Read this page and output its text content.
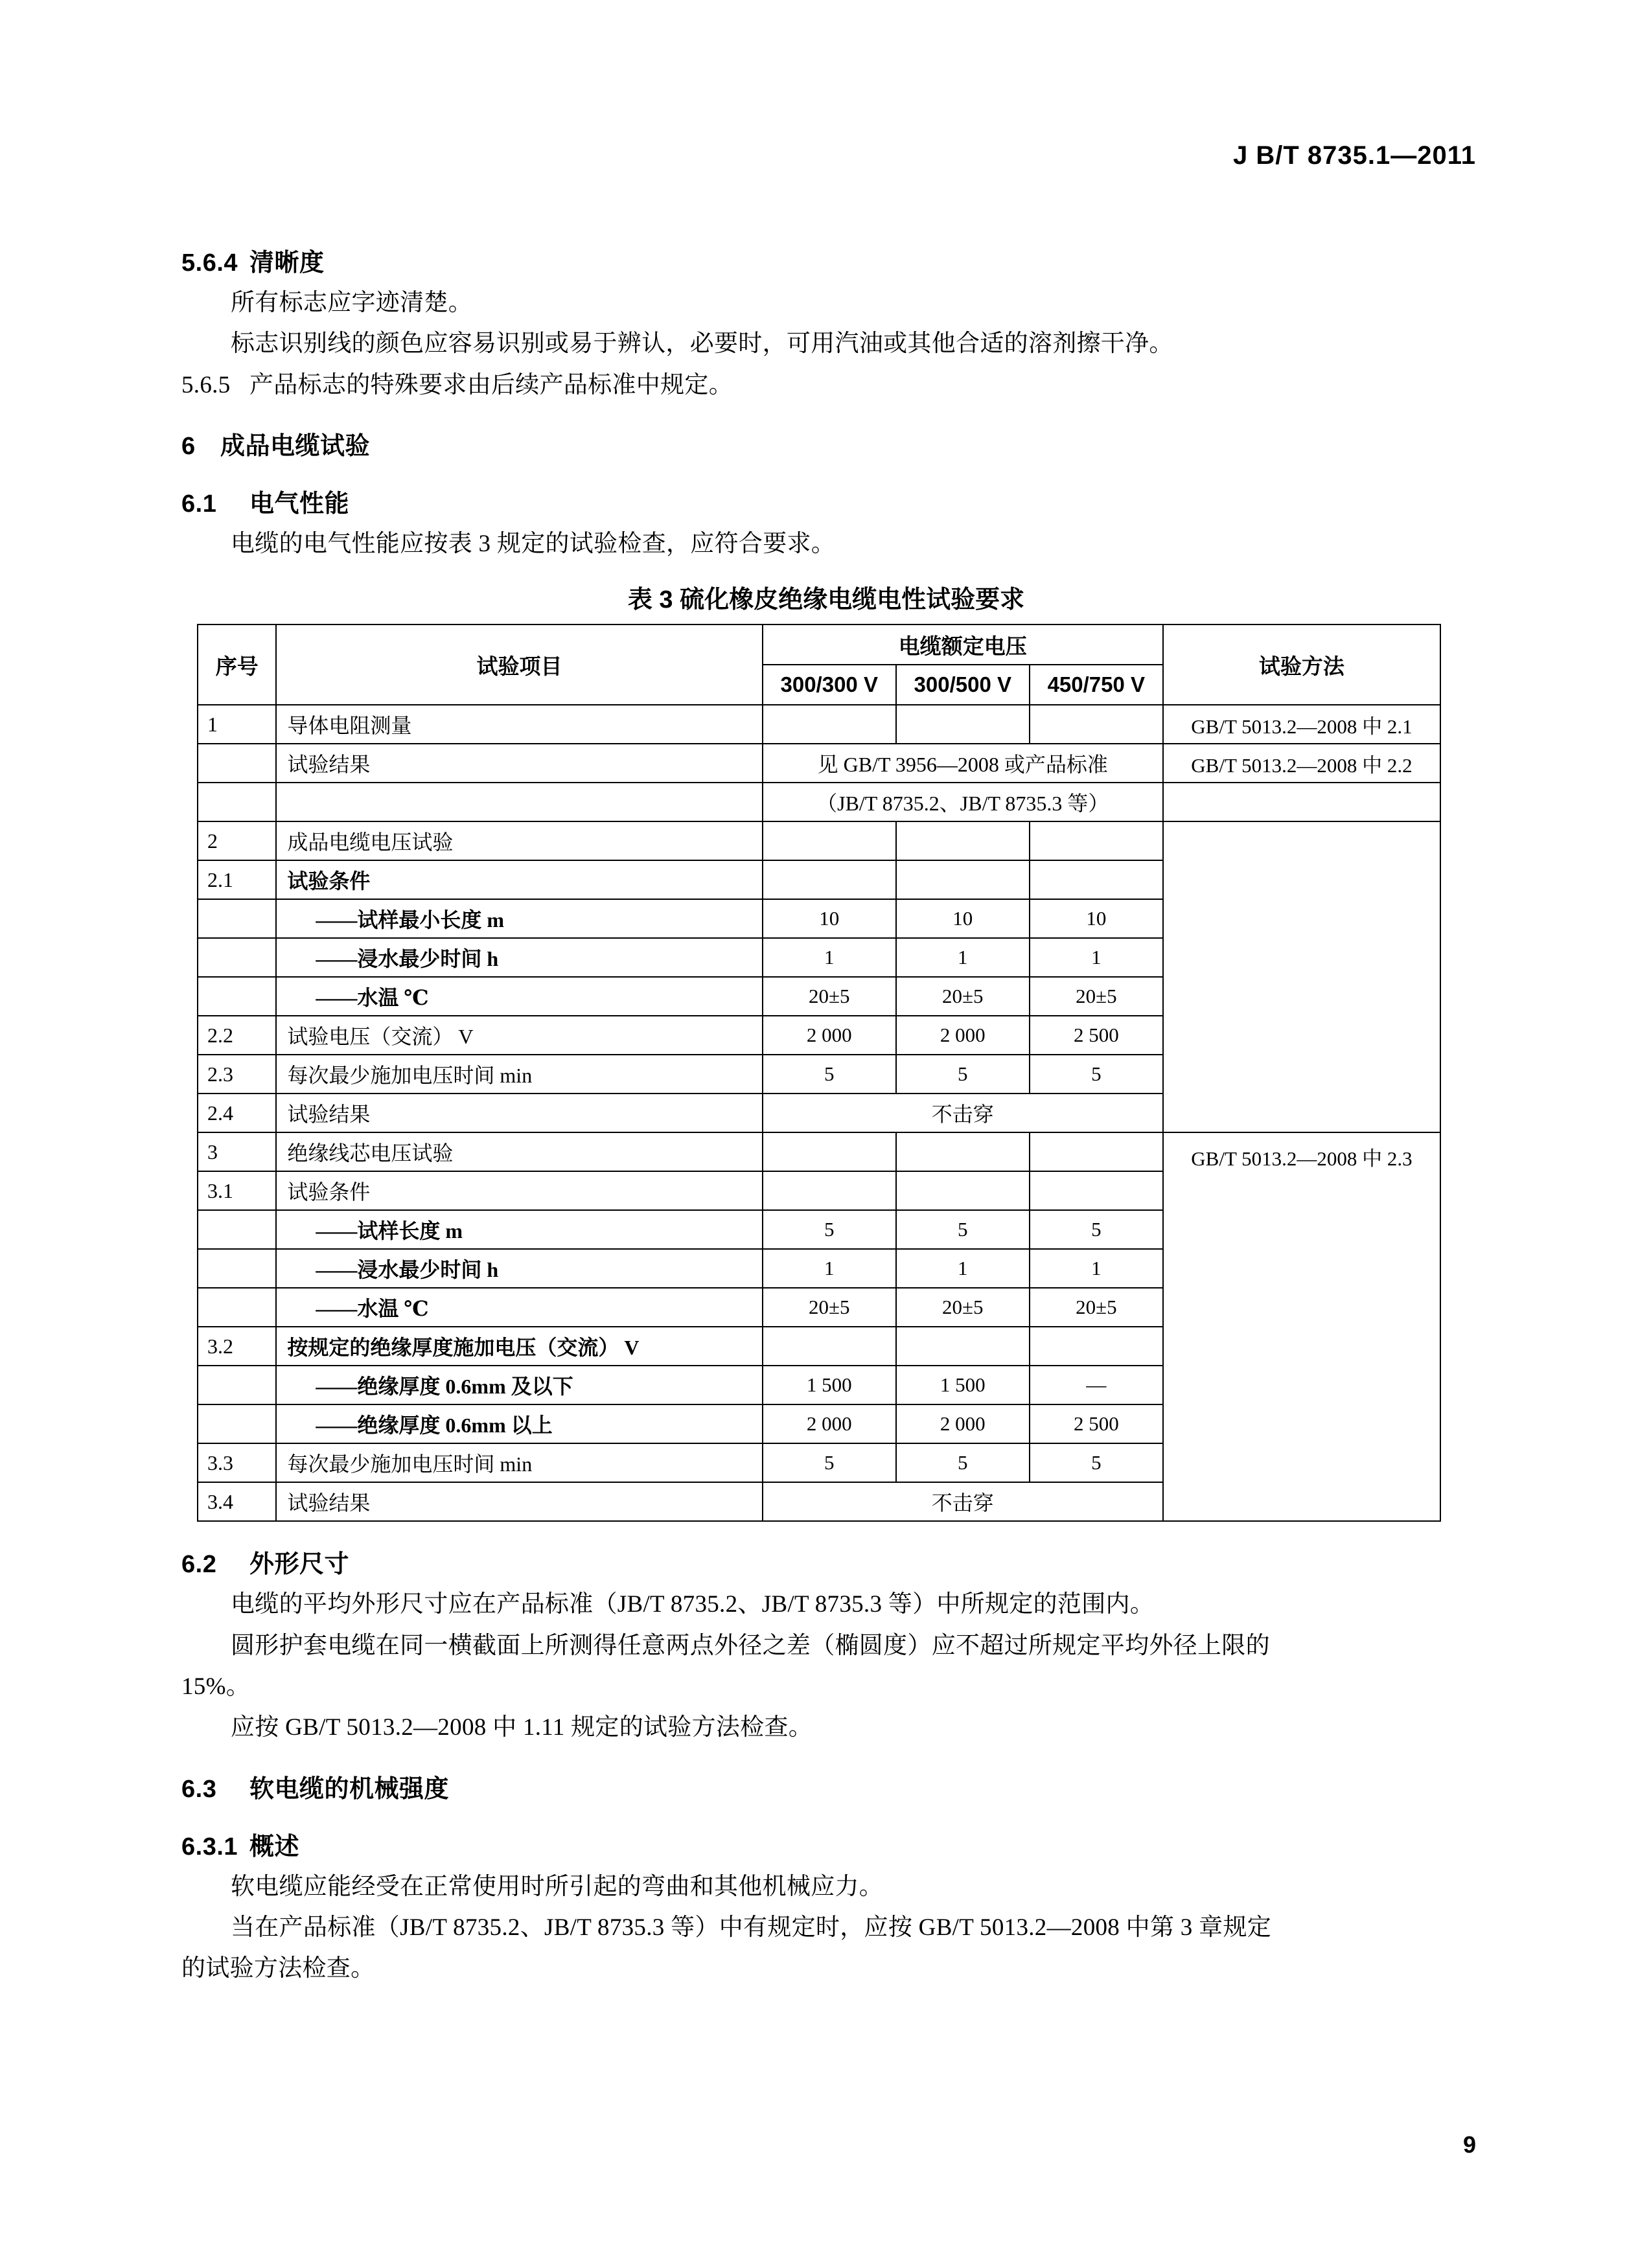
J B/T 8735.1—2011
5.6.4 清晰度
所有标志应字迹清楚。
标志识别线的颜色应容易识别或易于辨认，必要时，可用汽油或其他合适的溶剂擦干净。
5.6.5 产品标志的特殊要求由后续产品标准中规定。
6 成品电缆试验
6.1 电气性能
电缆的电气性能应按表 3 规定的试验检查，应符合要求。
表 3 硫化橡皮绝缘电缆电性试验要求
序号	试验项目	电缆额定电压			试验方法
		300/300 V	300/500 V	450/750 V	
1	导体电阻测量				GB/T 5013.2—2008 中 2.1
	试验结果	见 GB/T 3956—2008 或产品标准			GB/T 5013.2—2008 中 2.2
		（JB/T 8735.2、JB/T 8735.3 等）			
2	成品电缆电压试验				
2.1	试验条件				
	——试样最小长度 m	10	10	10	
	——浸水最少时间 h	1	1	1	
	——水温 ℃	20±5	20±5	20±5	
2.2	试验电压（交流） V	2 000	2 000	2 500	
2.3	每次最少施加电压时间 min	5	5	5	
2.4	试验结果	不击穿			
3	绝缘线芯电压试验				GB/T 5013.2—2008 中 2.3
3.1	试验条件				
	——试样长度 m	5	5	5	
	——浸水最少时间 h	1	1	1	
	——水温 ℃	20±5	20±5	20±5	
3.2	按规定的绝缘厚度施加电压（交流） V				
	——绝缘厚度 0.6mm 及以下	1 500	1 500	—	
	——绝缘厚度 0.6mm 以上	2 000	2 000	2 500	
3.3	每次最少施加电压时间 min	5	5	5	
3.4	试验结果	不击穿			
6.2 外形尺寸
电缆的平均外形尺寸应在产品标准（JB/T 8735.2、JB/T 8735.3 等）中所规定的范围内。
圆形护套电缆在同一横截面上所测得任意两点外径之差（椭圆度）应不超过所规定平均外径上限的
15%。
应按 GB/T 5013.2—2008 中 1.11 规定的试验方法检查。
6.3 软电缆的机械强度
6.3.1 概述
软电缆应能经受在正常使用时所引起的弯曲和其他机械应力。
当在产品标准（JB/T 8735.2、JB/T 8735.3 等）中有规定时，应按 GB/T 5013.2—2008 中第 3 章规定
的试验方法检查。
9
